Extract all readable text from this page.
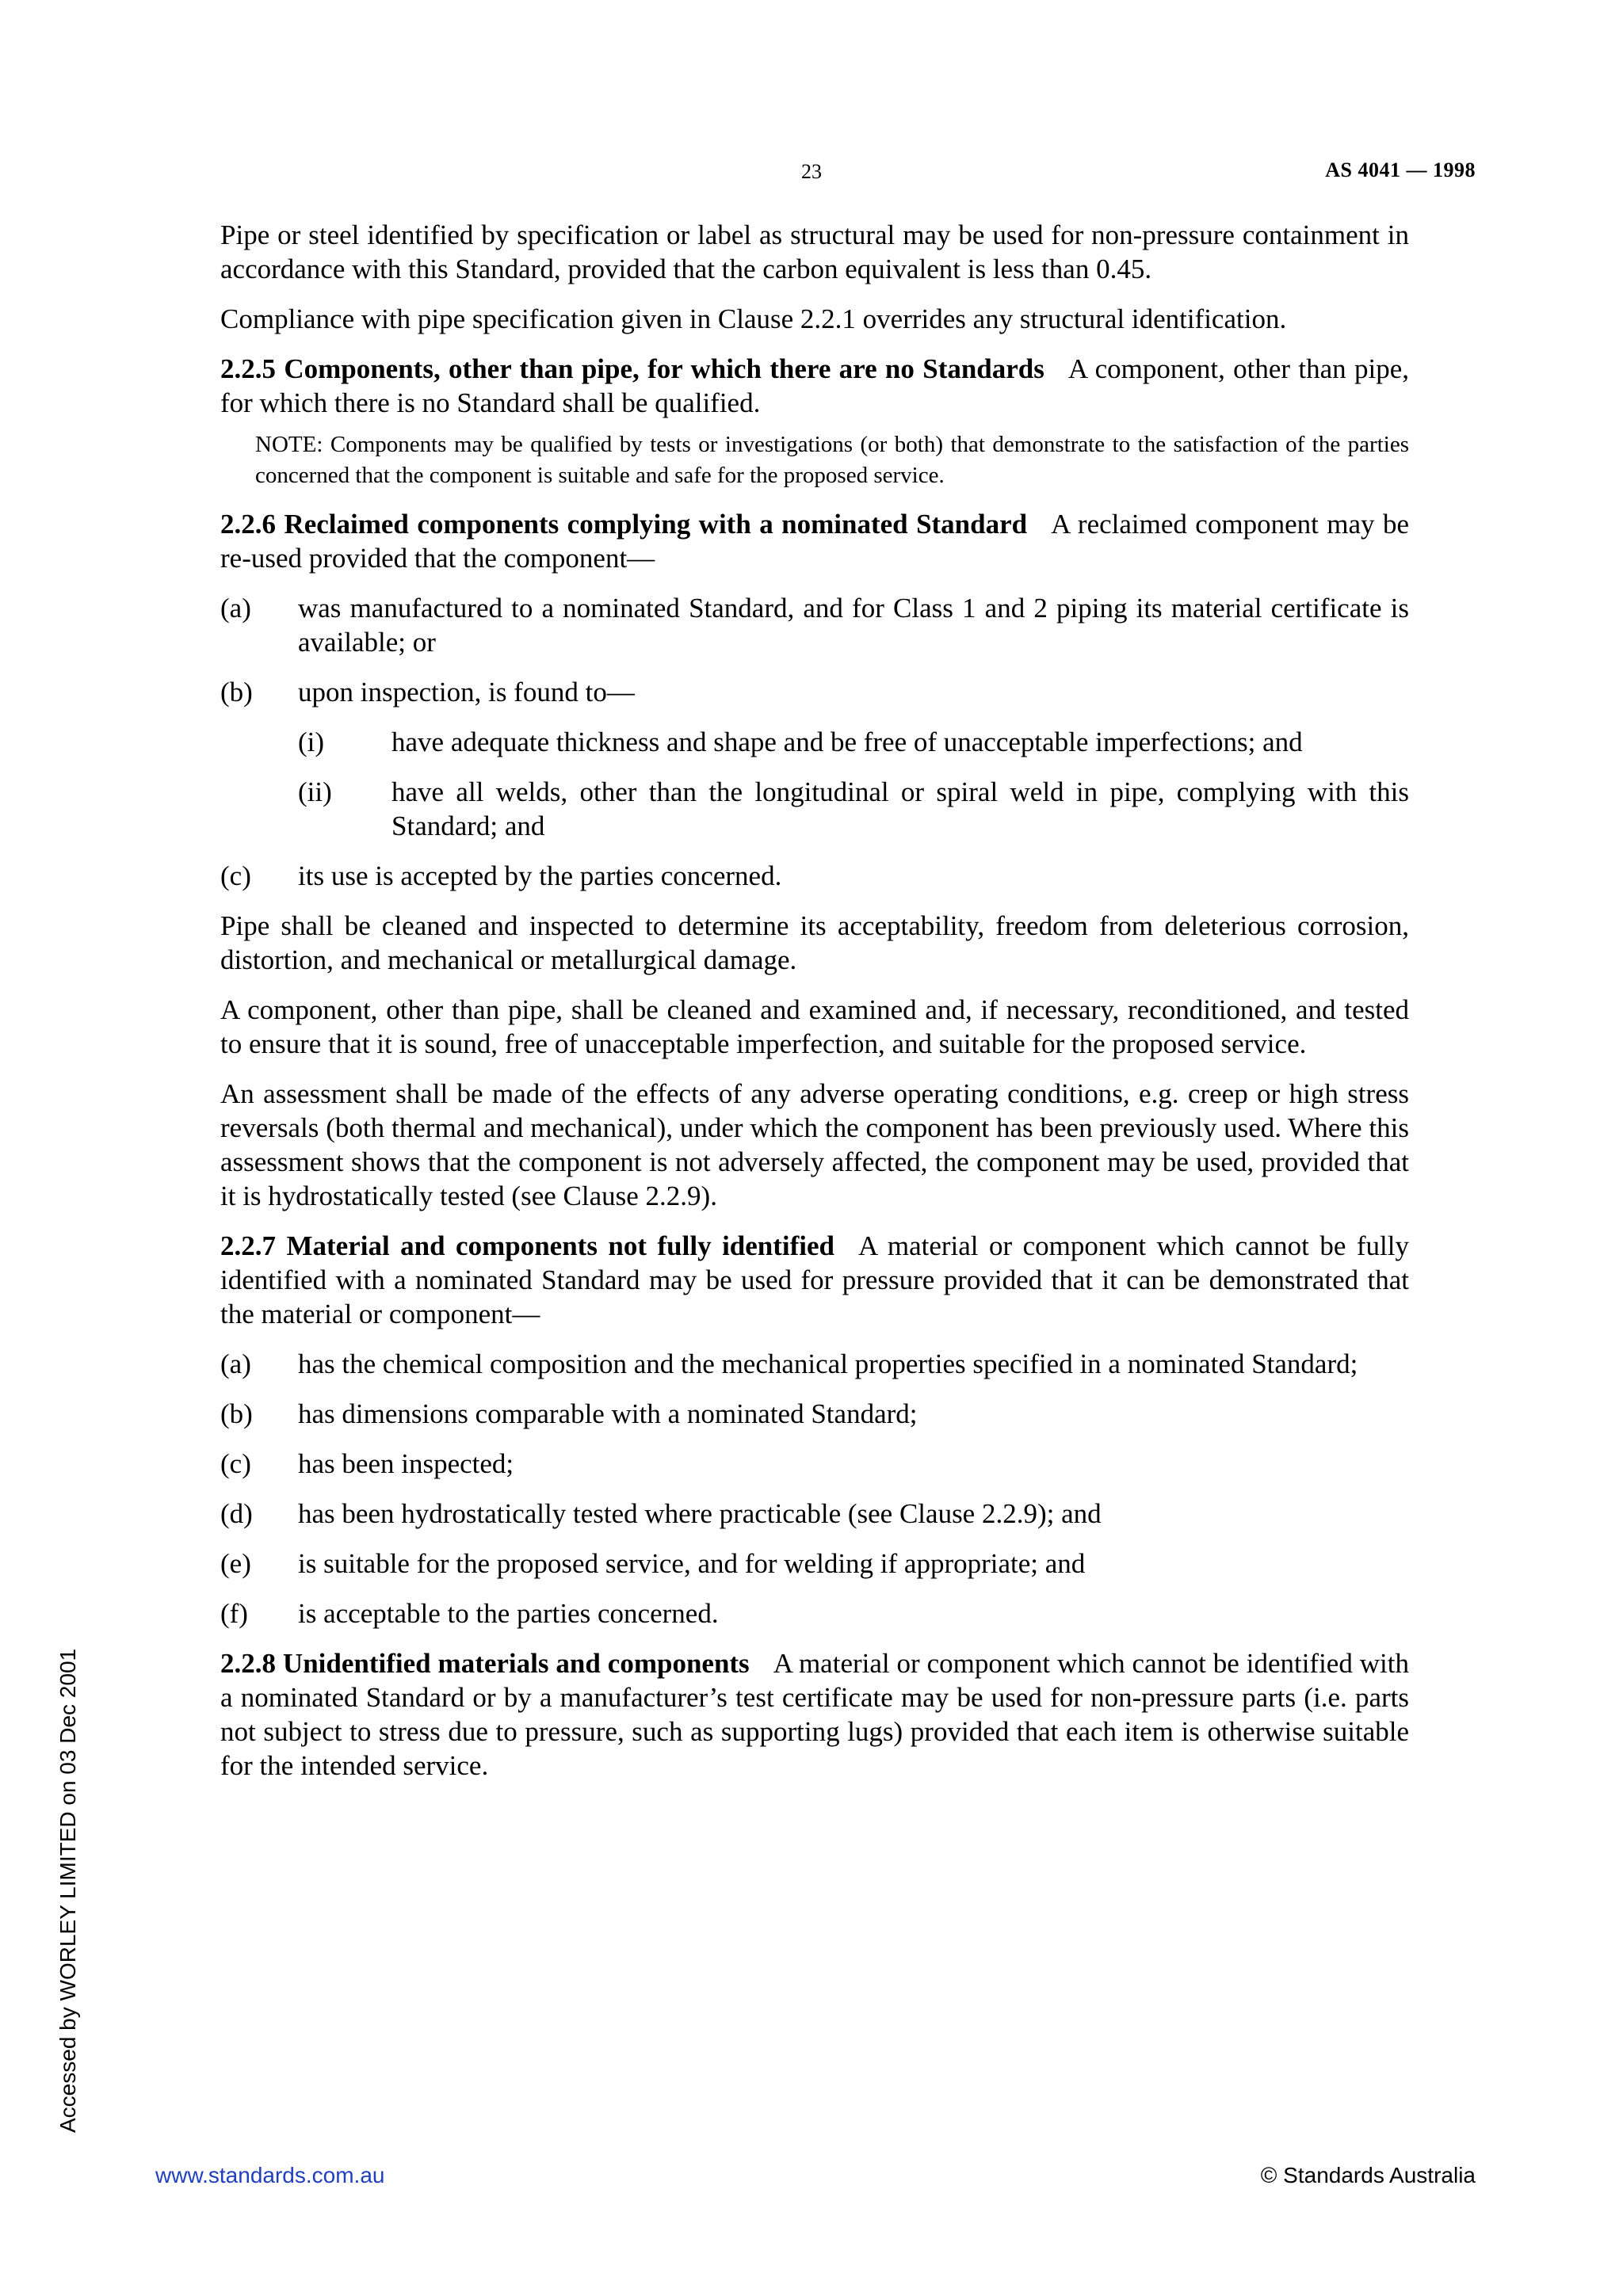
23	AS 4041 — 1998

Pipe or steel identified by specification or label as structural may be used for non-pressure containment in accordance with this Standard, provided that the carbon equivalent is less than 0.45.

Compliance with pipe specification given in Clause 2.2.1 overrides any structural identification.

2.2.5 Components, other than pipe, for which there are no Standards A component, other than pipe, for which there is no Standard shall be qualified.

NOTE: Components may be qualified by tests or investigations (or both) that demonstrate to the satisfaction of the parties concerned that the component is suitable and safe for the proposed service.

2.2.6 Reclaimed components complying with a nominated Standard A reclaimed component may be re-used provided that the component—

(a) was manufactured to a nominated Standard, and for Class 1 and 2 piping its material certificate is available; or
(b) upon inspection, is found to—
(i) have adequate thickness and shape and be free of unacceptable imperfections; and
(ii) have all welds, other than the longitudinal or spiral weld in pipe, complying with this Standard; and
(c) its use is accepted by the parties concerned.

Pipe shall be cleaned and inspected to determine its acceptability, freedom from deleterious corrosion, distortion, and mechanical or metallurgical damage.

A component, other than pipe, shall be cleaned and examined and, if necessary, reconditioned, and tested to ensure that it is sound, free of unacceptable imperfection, and suitable for the proposed service.

An assessment shall be made of the effects of any adverse operating conditions, e.g. creep or high stress reversals (both thermal and mechanical), under which the component has been previously used. Where this assessment shows that the component is not adversely affected, the component may be used, provided that it is hydrostatically tested (see Clause 2.2.9).

2.2.7 Material and components not fully identified A material or component which cannot be fully identified with a nominated Standard may be used for pressure provided that it can be demonstrated that the material or component—

(a) has the chemical composition and the mechanical properties specified in a nominated Standard;
(b) has dimensions comparable with a nominated Standard;
(c) has been inspected;
(d) has been hydrostatically tested where practicable (see Clause 2.2.9); and
(e) is suitable for the proposed service, and for welding if appropriate; and
(f) is acceptable to the parties concerned.

2.2.8 Unidentified materials and components A material or component which cannot be identified with a nominated Standard or by a manufacturer’s test certificate may be used for non-pressure parts (i.e. parts not subject to stress due to pressure, such as supporting lugs) provided that each item is otherwise suitable for the intended service.

Accessed by WORLEY LIMITED on 03 Dec 2001
www.standards.com.au	© Standards Australia
